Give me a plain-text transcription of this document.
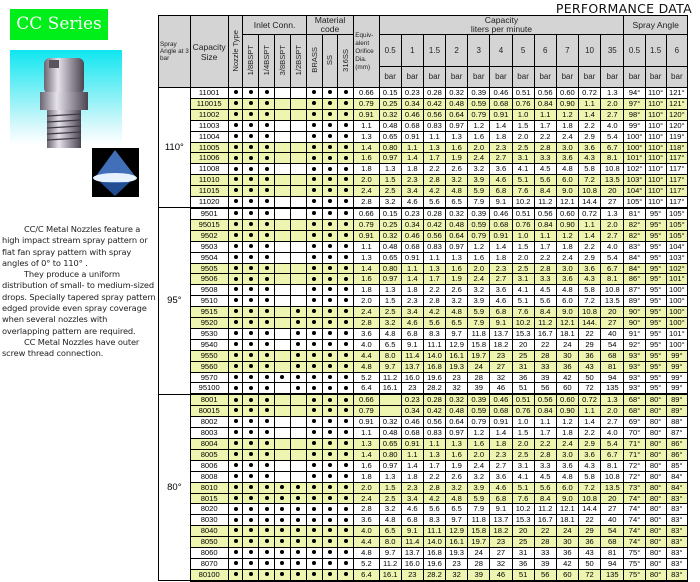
CC Series

CC/C Metal Nozzles feature a high impact stream spray pattern or flat fan spray pattern with spray angles of 0° to 110° .

They produce a uniform distribution of small- to medium-sized drops. Specially tapered spray pattern edged provide even spray coverage when several nozzles with overlapping pattern are required.

CC Metal Nozzles have outer screw thread connection.

PERFORMANCE DATA
Spray Angle at 3 bar	Capacity Size	Nozzle Type	Inlet Conn.				Material code			Equiv- alent Orifice Dia. (mm)	Capacity
liters per minute											Spray Angle		
			1/8BSPT	1/4BSPT	3/8BSPT	1/2BSPT	BRASS	SS	316SS		0.5	1	1.5	2	3	4	5	6	7	10	35	0.5	1.5	6
											bar	bar	bar	bar	bar	bar	bar	bar	bar	bar	bar	bar	bar	bar
110°	11001									0.66	0.15	0.23	0.28	0.32	0.39	0.46	0.51	0.56	0.60	0.72	1.3	94°	110°	121°
	110015									0.79	0.25	0.34	0.42	0.48	0.59	0.68	0.76	0.84	0.90	1.1	2.0	97°	110°	121°
	11002									0.91	0.32	0.46	0.56	0.64	0.79	0.91	1.0	1.1	1.2	1.4	2.7	98°	110°	120°
	11003									1.1	0.48	0.68	0.83	0.97	1.2	1.4	1.5	1.7	1.8	2.2	4.0	99°	110°	120°
	11004									1.3	0.65	0.91	1.1	1.3	1.6	1.8	2.0	2.2	2.4	2.9	5.4	100°	110°	119°
	11005									1.4	0.80	1.1	1.3	1.6	2.0	2.3	2.5	2.8	3.0	3.6	6.7	100°	110°	118°
	11006									1.6	0.97	1.4	1.7	1.9	2.4	2.7	3.1	3.3	3.6	4.3	8.1	101°	110°	117°
	11008									1.8	1.3	1.8	2.2	2.6	3.2	3.6	4.1	4.5	4.8	5.8	10.8	102°	110°	117°
	11010									2.0	1.5	2.3	2.8	3.2	3.9	4.6	5.1	5.6	6.0	7.2	13.5	103°	110°	117°
	11015									2.4	2.5	3.4	4.2	4.8	5.9	6.8	7.6	8.4	9.0	10.8	20	104°	110°	117°
	11020									2.8	3.2	4.6	5.6	6.5	7.9	9.1	10.2	11.2	12.1	14.4	27	105°	110°	117°
95°	9501									0.66	0.15	0.23	0.28	0.32	0.39	0.46	0.51	0.56	0.60	0.72	1.3	81°	95°	105°
	95015									0.79	0.25	0.34	0.42	0.48	0.59	0.68	0.76	0.84	0.90	1.1	2.0	82°	95°	105°
	9502									0.91	0.32	0.46	0.56	0.64	0.79	0.91	1.0	1.1	1.2	1.4	2.7	82°	95°	105°
	9503									1.1	0.48	0.68	0.83	0.97	1.2	1.4	1.5	1.7	1.8	2.2	4.0	83°	95°	104°
	9504									1.3	0.65	0.91	1.1	1.3	1.6	1.8	2.0	2.2	2.4	2.9	5.4	84°	95°	103°
	9505									1.4	0.80	1.1	1.3	1.6	2.0	2.3	2.5	2.8	3.0	3.6	6.7	84°	95°	102°
	9506									1.6	0.97	1.4	1.7	1.9	2.4	2.7	3.1	3.3	3.6	4.3	8.1	86°	95°	101°
	9508									1.8	1.3	1.8	2.2	2.6	3.2	3.6	4.1	4.5	4.8	5.8	10.8	87°	95°	100°
	9510									2.0	1.5	2.3	2.8	3.2	3.9	4.6	5.1	5.6	6.0	7.2	13.5	89°	95°	100°
	9515									2.4	2.5	3.4	4.2	4.8	5.9	6.8	7.6	8.4	9.0	10.8	20	90°	95°	100°
	9520									2.8	3.2	4.6	5.6	6.5	7.9	9.1	10.2	11.2	12.1	144.	27	90°	95°	100°
	9530									3.6	4.8	6.8	8.3	9.7	11.8	13.7	15.3	16.7	18.1	22	40	91°	95°	101°
	9540									4.0	6.5	9.1	11.1	12.9	15.8	18.2	20	22	24	29	54	92°	95°	100°
	9550									4.4	8.0	11.4	14.0	16.1	19.7	23	25	28	30	36	68	93°	95°	99°
	9560									4.8	9.7	13.7	16.8	19.3	24	27	31	33	36	43	81	93°	95°	99°
	9570									5.2	11.2	16.0	19.6	23	28	32	36	39	42	50	94	93°	95°	99°
	95100									6.4	16.1	23	28.2	32	39	46	51	56	60	72	135	93°	95°	99°
80°	8001									0.66		0.23	0.28	0.32	0.39	0.46	0.51	0.56	0.60	0.72	1.3	68°	80°	89°
	80015									0.79		0.34	0.42	0.48	0.59	0.68	0.76	0.84	0.90	1.1	2.0	68°	80°	89°
	8002									0.91	0.32	0.46	0.56	0.64	0.79	0.91	1.0	1.1	1.2	1.4	2.7	69°	80°	88°
	8003									1.1	0.48	0.68	0.83	0.97	1.2	1.4	1.5	1.7	1.8	2.2	4.0	70°	80°	87°
	8004									1.3	0.65	0.91	1.1	1.3	1.6	1.8	2.0	2.2	2.4	2.9	5.4	71°	80°	86°
	8005									1.4	0.80	1.1	1.3	1.6	2.0	2.3	2.5	2.8	3.0	3.6	6.7	71°	80°	86°
	8006									1.6	0.97	1.4	1.7	1.9	2.4	2.7	3.1	3.3	3.6	4.3	8.1	72°	80°	85°
	8008									1.8	1.3	1.8	2.2	2.6	3.2	3.6	4.1	4.5	4.8	5.8	10.8	72°	80°	84°
	8010									2.0	1.5	2.3	2.8	3.2	3.9	4.6	5.1	5.6	6.0	7.2	13.5	73°	80°	84°
	8015									2.4	2.5	3.4	4.2	4.8	5.9	6.8	7.6	8.4	9.0	10.8	20	74°	80°	83°
	8020									2.8	3.2	4.6	5.6	6.5	7.9	9.1	10.2	11.2	12.1	14.4	27	74°	80°	83°
	8030									3.6	4.8	6.8	8.3	9.7	11.8	13.7	15.3	16.7	18.1	22	40	74°	80°	83°
	8040									4.0	6.5	9.1	11.1	12.9	15.8	18.2	20	22	24	29	54	74°	80°	83°
	8050									4.4	8.0	11.4	14.0	16.1	19.7	23	25	28	30	36	68	74°	80°	83°
	8060									4.8	9.7	13.7	16.8	19.3	24	27	31	33	36	43	81	75°	80°	83°
	8070									5.2	11.2	16.0	19.6	23	28	32	36	39	42	50	94	75°	80°	83°
	80100									6.4	16.1	23	28.2	32	39	46	51	56	60	72	135	75°	80°	83°
